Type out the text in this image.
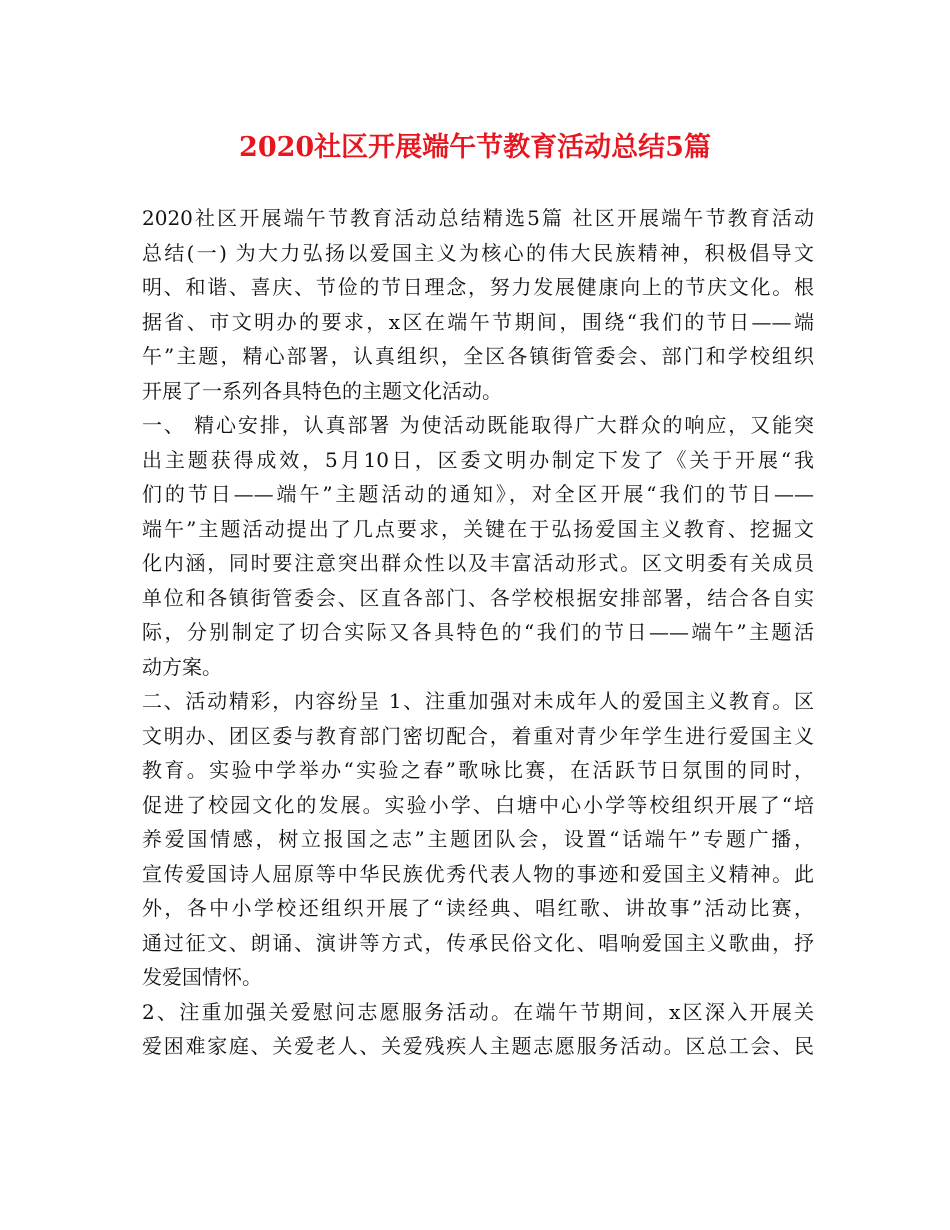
2020社区开展端午节教育活动总结5篇
2020社区开展端午节教育活动总结精选5篇 社区开展端午节教育活动
总结(一) 为大力弘扬以爱国主义为核心的伟大民族精神，积极倡导文
明、和谐、喜庆、节俭的节日理念，努力发展健康向上的节庆文化。根
据省、市文明办的要求，x区在端午节期间，围绕“我们的节日——端
午”主题，精心部署，认真组织，全区各镇街管委会、部门和学校组织
开展了一系列各具特色的主题文化活动。
一、 精心安排，认真部署 为使活动既能取得广大群众的响应，又能突
出主题获得成效，5月10日，区委文明办制定下发了《关于开展“我
们的节日——端午”主题活动的通知》，对全区开展“我们的节日——
端午”主题活动提出了几点要求，关键在于弘扬爱国主义教育、挖掘文
化内涵，同时要注意突出群众性以及丰富活动形式。区文明委有关成员
单位和各镇街管委会、区直各部门、各学校根据安排部署，结合各自实
际，分别制定了切合实际又各具特色的“我们的节日——端午”主题活
动方案。
二、活动精彩，内容纷呈 1、注重加强对未成年人的爱国主义教育。区
文明办、团区委与教育部门密切配合，着重对青少年学生进行爱国主义
教育。实验中学举办“实验之春”歌咏比赛，在活跃节日氛围的同时，
促进了校园文化的发展。实验小学、白塘中心小学等校组织开展了“培
养爱国情感，树立报国之志”主题团队会，设置“话端午”专题广播，
宣传爱国诗人屈原等中华民族优秀代表人物的事迹和爱国主义精神。此
外，各中小学校还组织开展了“读经典、唱红歌、讲故事”活动比赛，
通过征文、朗诵、演讲等方式，传承民俗文化、唱响爱国主义歌曲，抒
发爱国情怀。
2、注重加强关爱慰问志愿服务活动。在端午节期间，x区深入开展关
爱困难家庭、关爱老人、关爱残疾人主题志愿服务活动。区总工会、民
